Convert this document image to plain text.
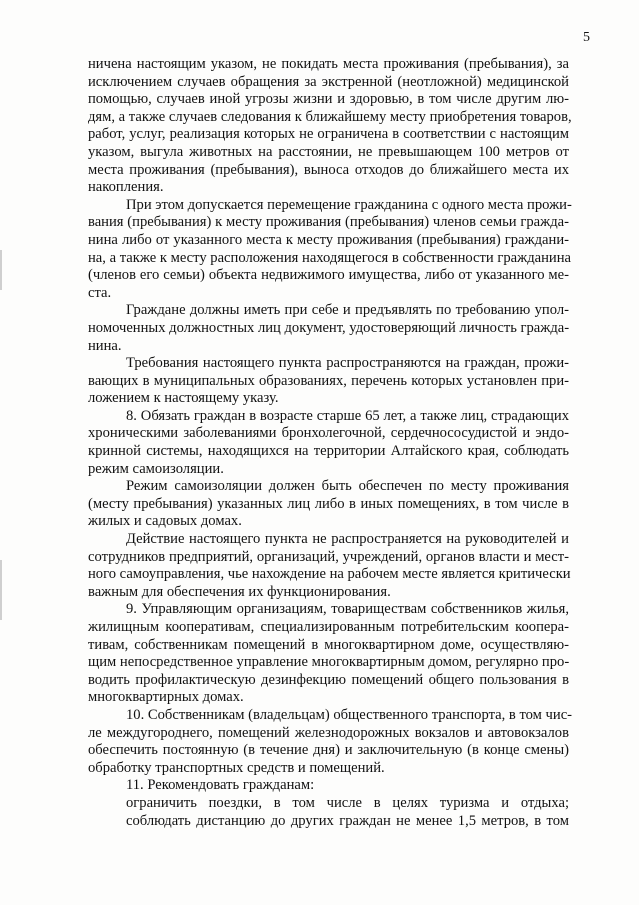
5
ничена настоящим указом, не покидать места проживания (пребывания), за
исключением случаев обращения за экстренной (неотложной) медицинской
помощью, случаев иной угрозы жизни и здоровью, в том числе другим лю-
дям, а также случаев следования к ближайшему месту приобретения товаров,
работ, услуг, реализация которых не ограничена в соответствии с настоящим
указом, выгула животных на расстоянии, не превышающем 100 метров от
места проживания (пребывания), выноса отходов до ближайшего места их
накопления.
При этом допускается перемещение гражданина с одного места прожи-
вания (пребывания) к месту проживания (пребывания) членов семьи гражда-
нина либо от указанного места к месту проживания (пребывания) граждани-
на, а также к месту расположения находящегося в собственности гражданина
(членов его семьи) объекта недвижимого имущества, либо от указанного ме-
ста.
Граждане должны иметь при себе и предъявлять по требованию упол-
номоченных должностных лиц документ, удостоверяющий личность гражда-
нина.
Требования настоящего пункта распространяются на граждан, прожи-
вающих в муниципальных образованиях, перечень которых установлен при-
ложением к настоящему указу.
8. Обязать граждан в возрасте старше 65 лет, а также лиц, страдающих
хроническими заболеваниями бронхолегочной, сердечнососудистой и эндо-
кринной системы, находящихся на территории Алтайского края, соблюдать
режим самоизоляции.
Режим самоизоляции должен быть обеспечен по месту проживания
(месту пребывания) указанных лиц либо в иных помещениях, в том числе в
жилых и садовых домах.
Действие настоящего пункта не распространяется на руководителей и
сотрудников предприятий, организаций, учреждений, органов власти и мест-
ного самоуправления, чье нахождение на рабочем месте является критически
важным для обеспечения их функционирования.
9. Управляющим организациям, товариществам собственников жилья,
жилищным кооперативам, специализированным потребительским коопера-
тивам, собственникам помещений в многоквартирном доме, осуществляю-
щим непосредственное управление многоквартирным домом, регулярно про-
водить профилактическую дезинфекцию помещений общего пользования в
многоквартирных домах.
10. Собственникам (владельцам) общественного транспорта, в том чис-
ле междугороднего, помещений железнодорожных вокзалов и автовокзалов
обеспечить постоянную (в течение дня) и заключительную (в конце смены)
обработку транспортных средств и помещений.
11. Рекомендовать гражданам:
ограничить поездки, в том числе в целях туризма и отдыха;
соблюдать дистанцию до других граждан не менее 1,5 метров, в том
